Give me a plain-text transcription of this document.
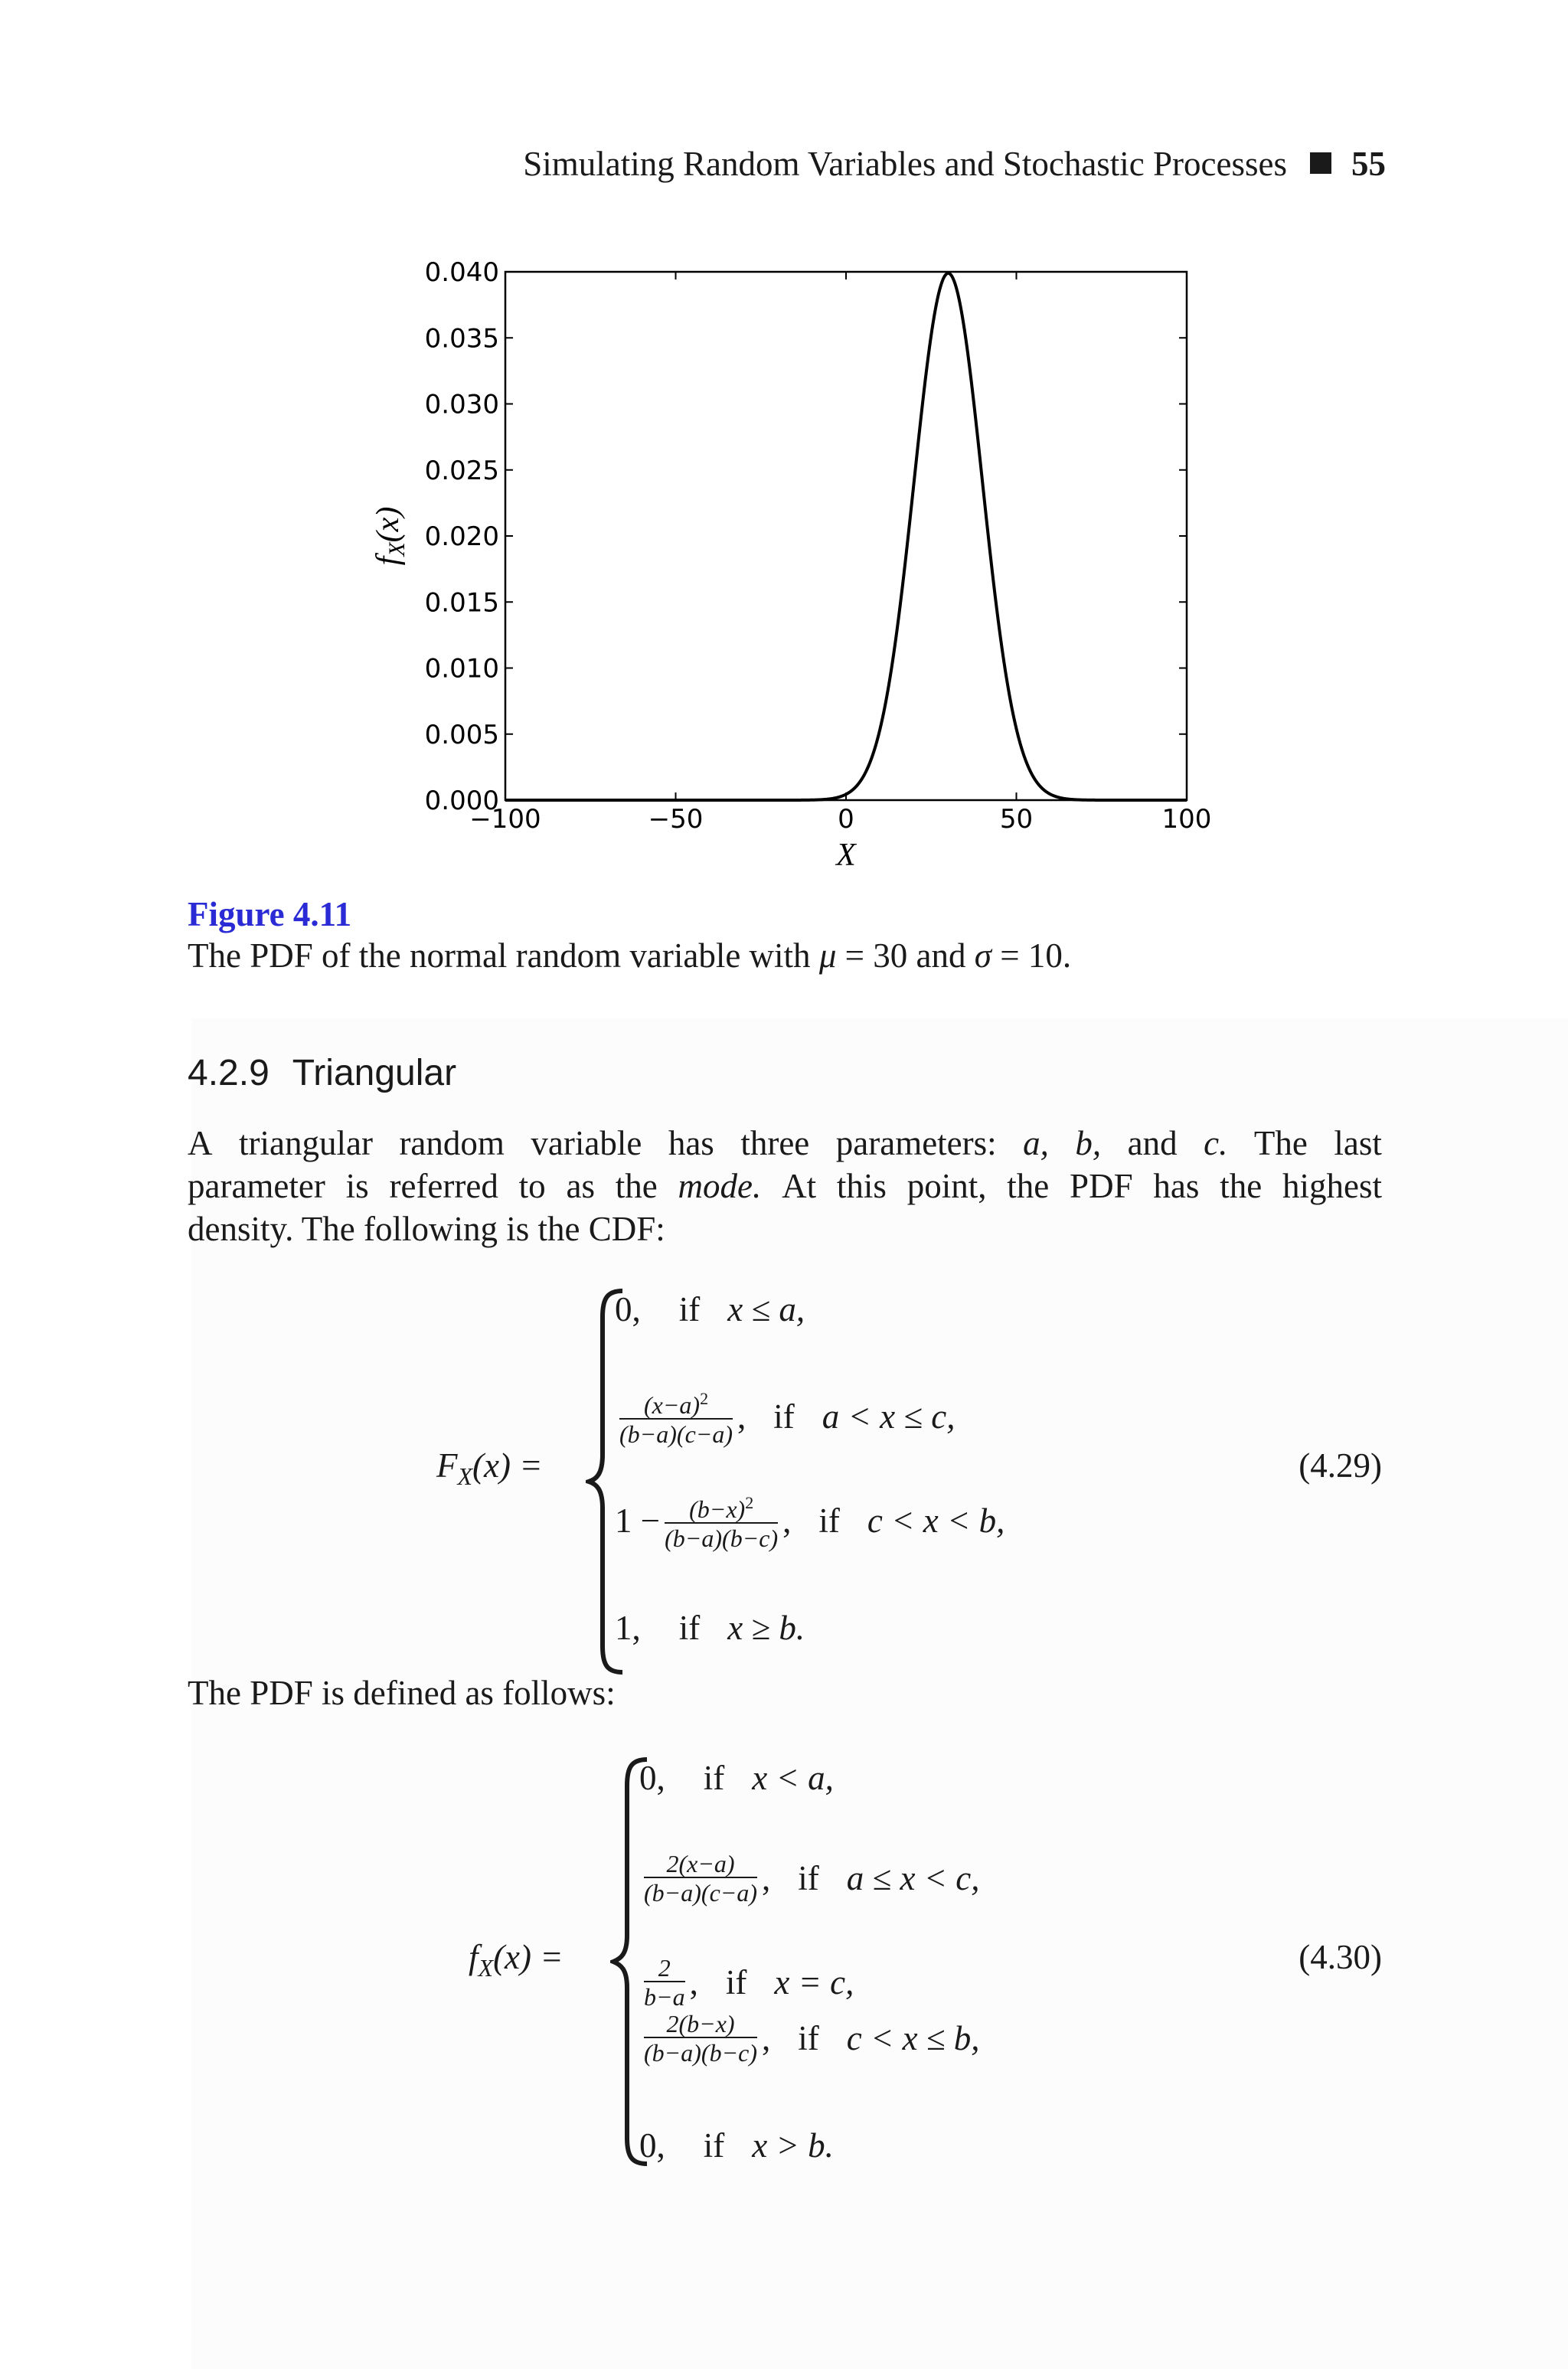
Simulating Random Variables and Stochastic Processes 55
−100	−50	0	50	100
0.000
0.005
0.010
0.015
0.020
0.025
0.030
0.035
0.040
X
fX(x)
Figure 4.11
The PDF of the normal random variable with μ = 30 and σ = 10.
4.2.9 Triangular
A triangular random variable has three parameters: a, b, and c. The last
parameter is referred to as the mode. At this point, the PDF has the highest
density. The following is the CDF:
$F_X(x)$ =
0, if x ≤ a,
$\frac{(x-a)^2}{(b-a)(c-a)}$ , if a < x ≤ c,
$1 - \frac{(b-x)^2}{(b-a)(b-c)}$ , if c < x < b,
1, if x ≥ b.
(4.29)
The PDF is defined as follows:
$f_X(x)$ =
0, if x < a,
$\frac{2(x-a)}{(b-a)(c-a)}$ , if a ≤ x < c,
$\frac{2}{b-a}$ , if x = c,
$\frac{2(b-x)}{(b-a)(b-c)}$ , if c < x ≤ b,
0, if x > b.
(4.30)
